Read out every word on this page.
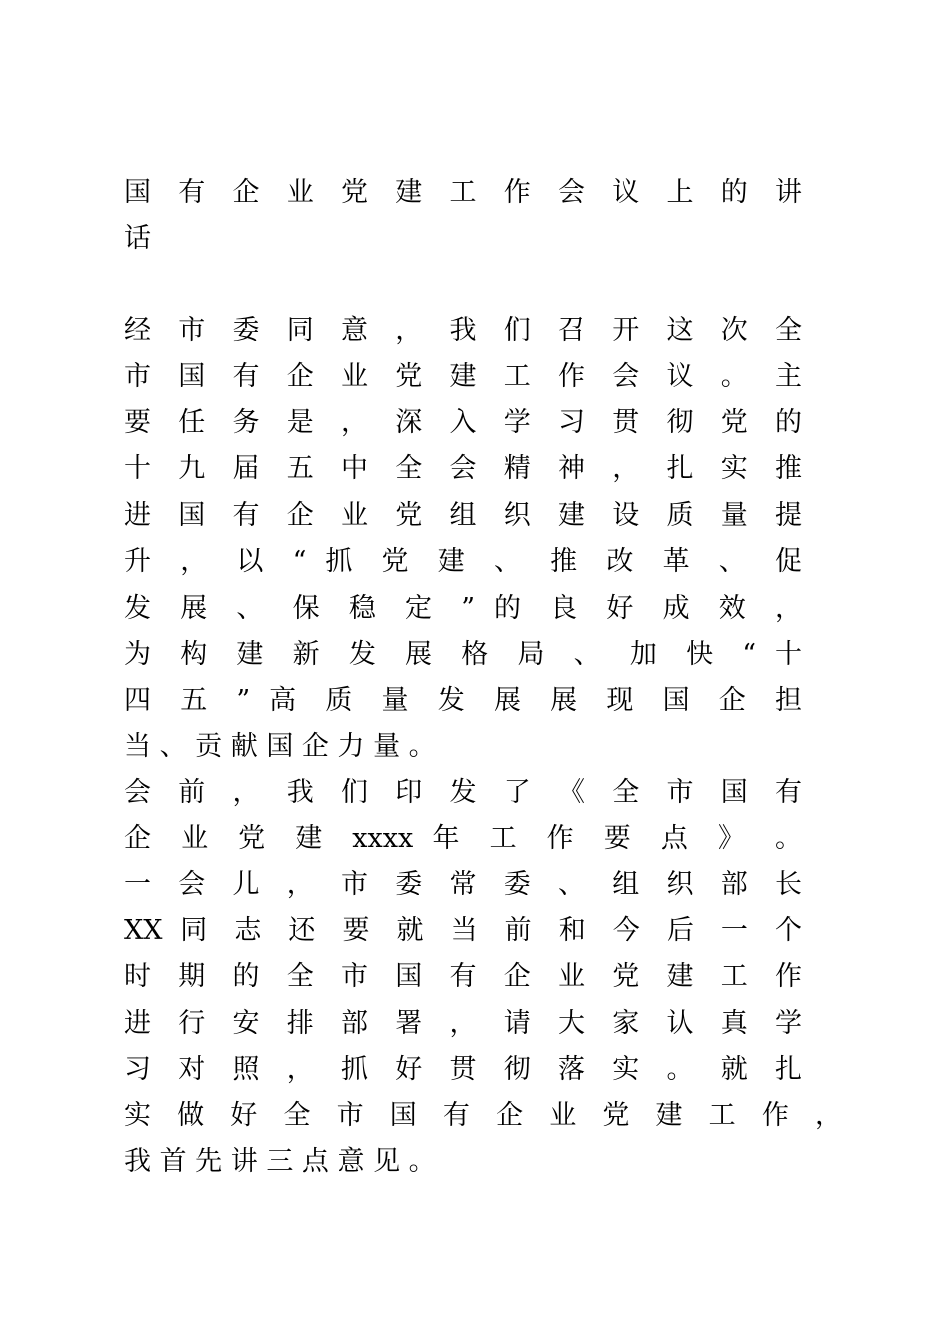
国 有 企 业 党 建 工 作 会 议 上 的 讲
话
经 市 委 同 意 ， 我 们 召 开 这 次 全
市 国 有 企 业 党 建 工 作 会 议 。 主
要 任 务 是 ， 深 入 学 习 贯 彻 党 的
十 九 届 五 中 全 会 精 神 ， 扎 实 推
进 国 有 企 业 党 组 织 建 设 质 量 提
升 ， 以 “ 抓 党 建 、 推 改 革 、 促
发 展 、 保 稳 定 ” 的 良 好 成 效 ，
为 构 建 新 发 展 格 局 、 加 快 “ 十
四 五 ” 高 质 量 发 展 展 现 国 企 担
当 、 贡 献 国 企 力 量 。
会 前 ， 我 们 印 发 了 《 全 市 国 有
企 业 党 建 xxxx 年 工 作 要 点 》 。
一 会 儿 ， 市 委 常 委 、 组 织 部 长
XX 同 志 还 要 就 当 前 和 今 后 一 个
时 期 的 全 市 国 有 企 业 党 建 工 作
进 行 安 排 部 署 ， 请 大 家 认 真 学
习 对 照 ， 抓 好 贯 彻 落 实 。 就 扎
实 做 好 全 市 国 有 企 业 党 建 工 作 ，
我 首 先 讲 三 点 意 见 。
